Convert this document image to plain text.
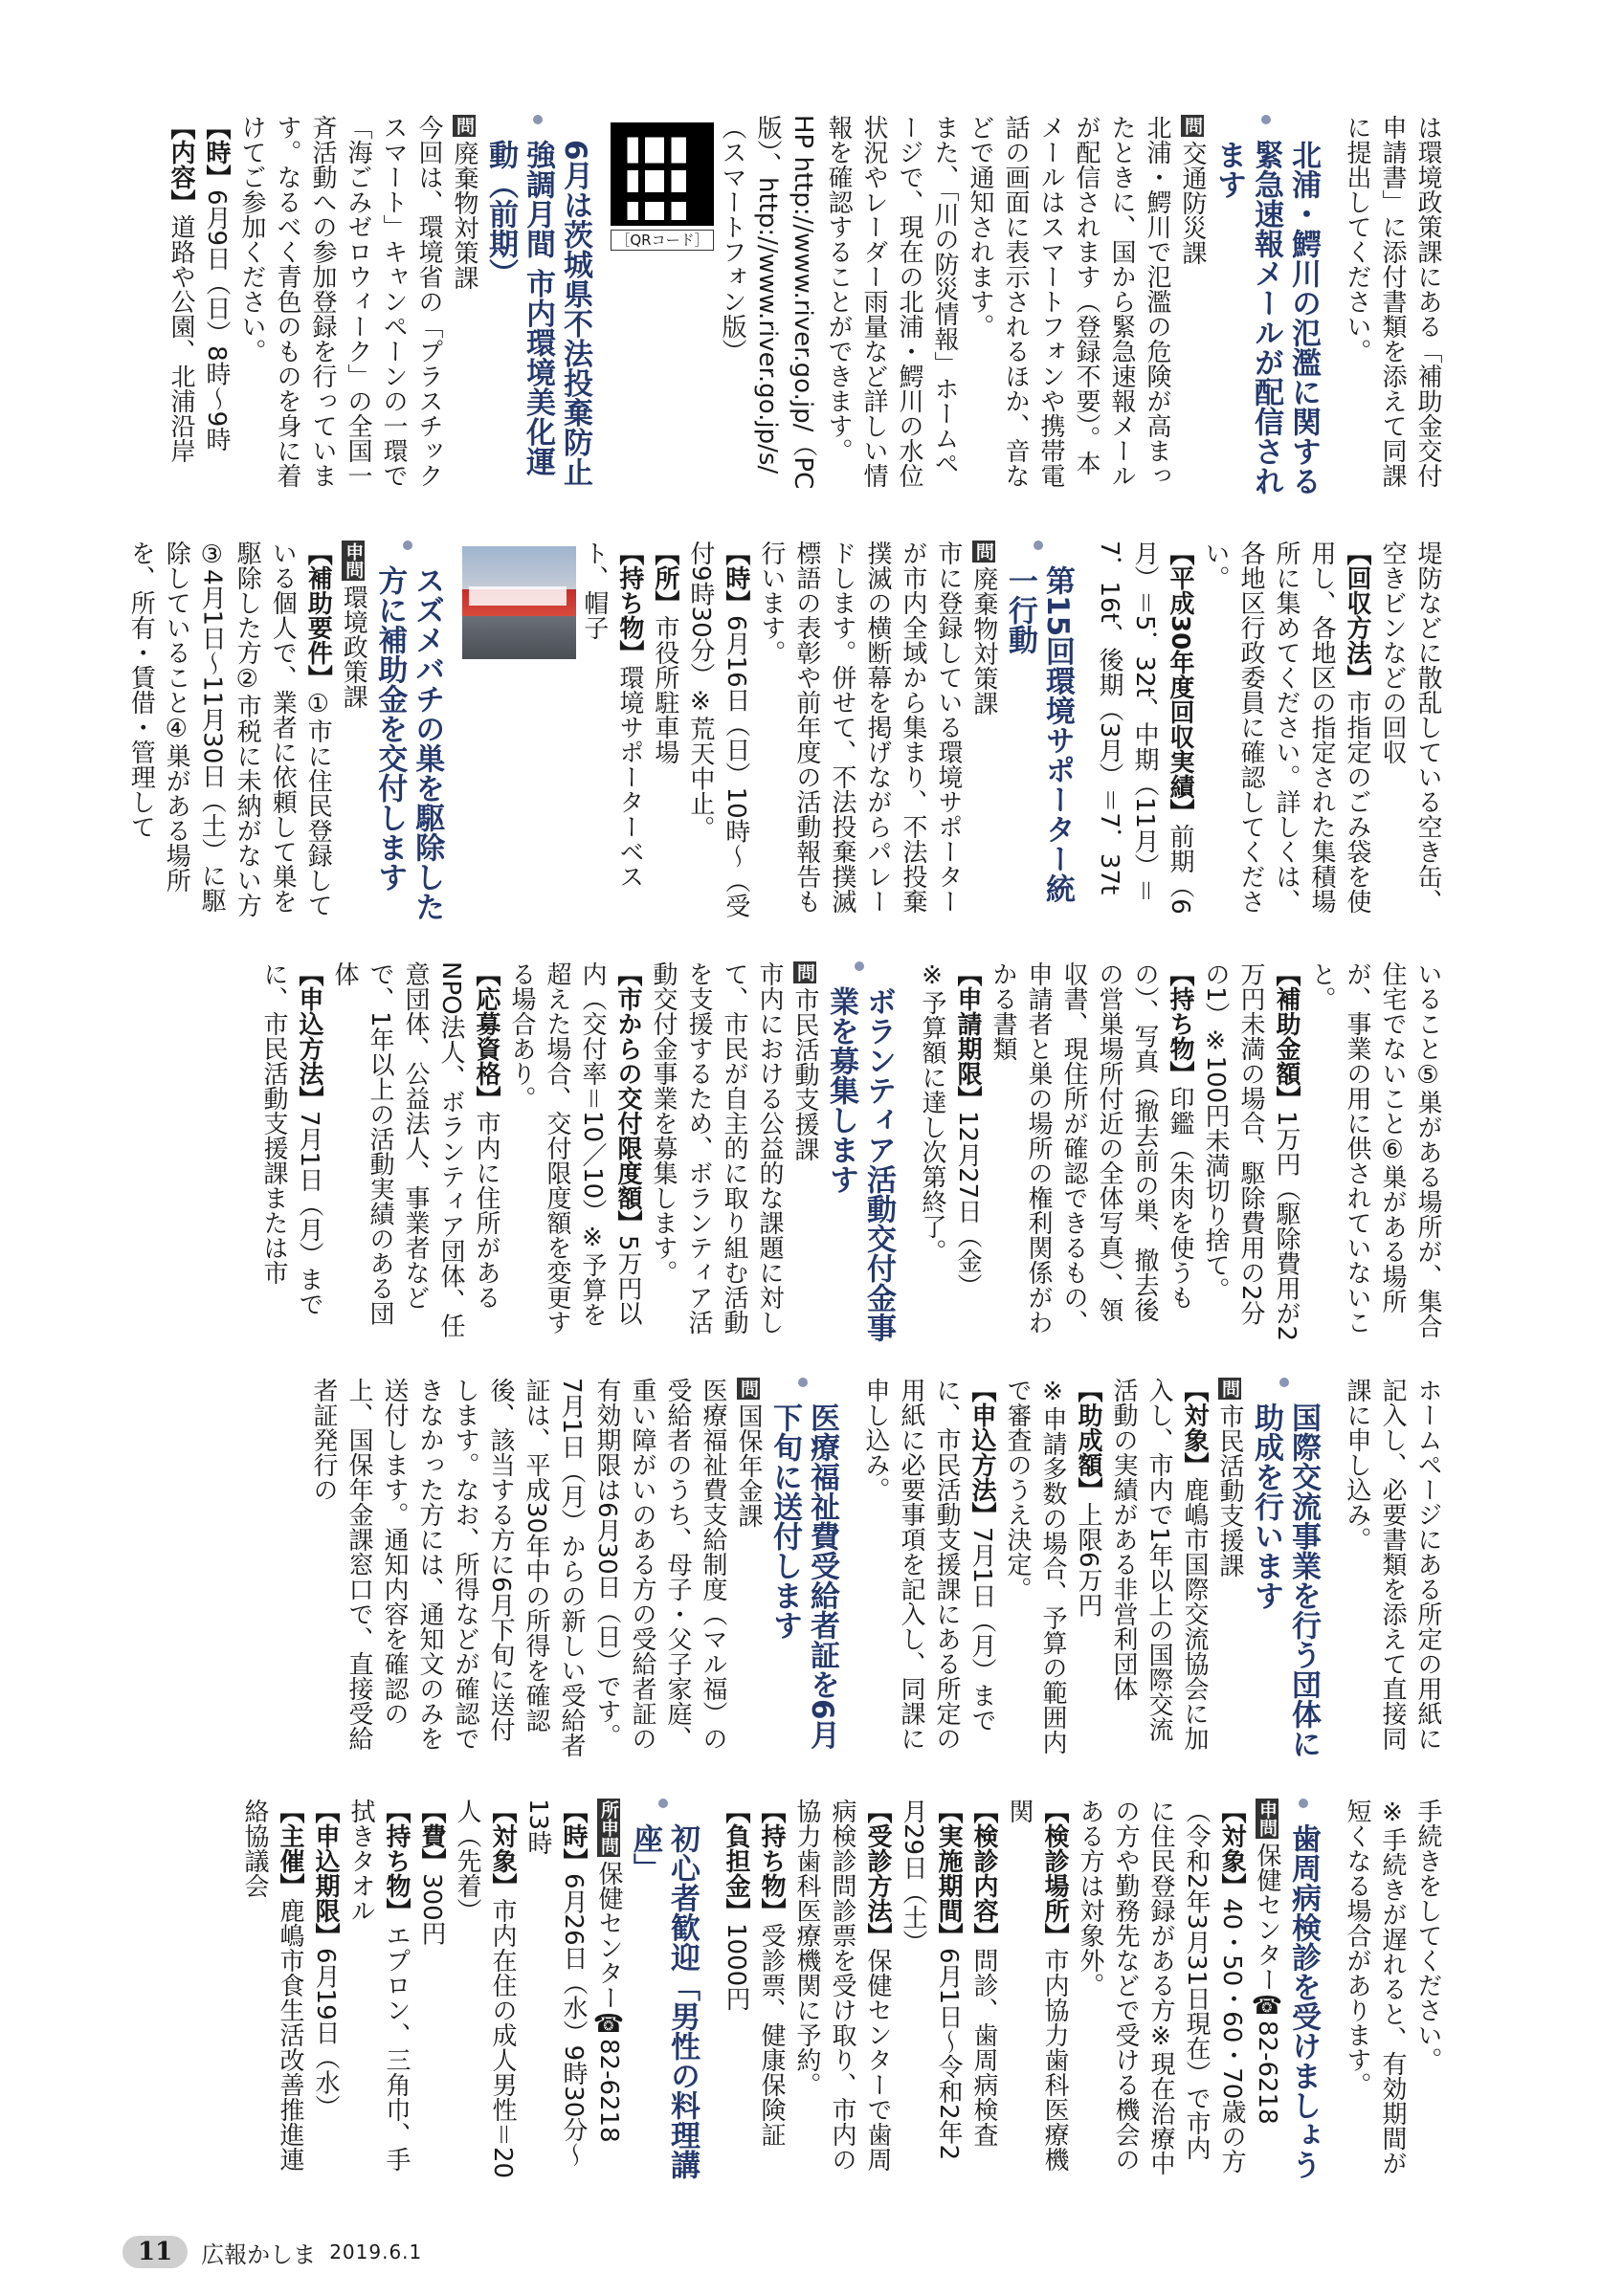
は環境政策課にある「補助金交付申請書」に添付書類を添えて同課に提出してください。

北浦・鰐川の氾濫に関する緊急速報メールが配信されます

問交通防災課

北浦・鰐川で氾濫の危険が高まったときに、国から緊急速報メールが配信されます（登録不要）。本メールはスマートフォンや携帯電話の画面に表示されるほか、音などで通知されます。

また、「川の防災情報」ホームページで、現在の北浦・鰐川の水位状況やレーダー雨量など詳しい情報を確認することができます。

HP http://www.river.go.jp/（PC版）、http://www.river.go.jp/s/（スマートフォン版）

［QRコード］
6月は茨城県不法投棄防止強調月間 市内環境美化運動（前期）

問廃棄物対策課

今回は、環境省の「プラスチックスマート」キャンペーンの一環で「海ごみゼロウィーク」の全国一斉活動への参加登録を行っています。なるべく青色のものを身に着けてご参加ください。

【 時 】6月9日（日）8時〜9時

【 内容 】道路や公園、北浦沿岸

堤防などに散乱している空き缶、空きビンなどの回収

【 回収方法 】市指定のごみ袋を使用し、各地区の指定された集積場所に集めてください。詳しくは、各地区行政委員に確認してください。

【 平成30年度回収実績 】前期（6月）＝5．32t、中期（11月）＝7．16t、後期（3月）＝7．37t

第15回環境サポーター統一行動

問廃棄物対策課

市に登録している環境サポーターが市内全域から集まり、不法投棄撲滅の横断幕を掲げながらパレードします。併せて、不法投棄撲滅標語の表彰や前年度の活動報告も行います。

【 時 】6月16日（日）10時〜（受付9時30分）※荒天中止。

【 所 】市役所駐車場

【 持ち物 】環境サポーターベスト、帽子

スズメバチの巣を駆除した方に補助金を交付します

申問環境政策課

【 補助要件 】①市に住民登録している個人で、業者に依頼して巣を駆除した方②市税に未納がない方③4月1日〜11月30日（土）に駆除していること④巣がある場所を、所有・賃借・管理して

いること⑤巣がある場所が、集合住宅でないこと⑥巣がある場所が、事業の用に供されていないこと。

【 補助金額 】1万円（駆除費用が2万円未満の場合、駆除費用の2分の1）※100円未満切り捨て。

【 持ち物 】印鑑（朱肉を使うもの）、写真（撤去前の巣、撤去後の営巣場所付近の全体写真）、領収書、現住所が確認できるもの、申請者と巣の場所の権利関係がわかる書類

【 申請期限 】12月27日（金）

※予算額に達し次第終了。

ボランティア活動交付金事業を募集します

問市民活動支援課

市内における公益的な課題に対して、市民が自主的に取り組む活動を支援するため、ボランティア活動交付金事業を募集します。

【 市からの交付限度額 】5万円以内（交付率＝10／10）※予算を超えた場合、交付限度額を変更する場合あり。

【 応募資格 】市内に住所があるNPO法人、ボランティア団体、任意団体、公益法人、事業者などで、1年以上の活動実績のある団体

【 申込方法 】7月1日（月）までに、市民活動支援課または市

ホームページにある所定の用紙に記入し、必要書類を添えて直接同課に申し込み。

国際交流事業を行う団体に助成を行います

問市民活動支援課

【 対象 】鹿嶋市国際交流協会に加入し、市内で1年以上の国際交流活動の実績がある非営利団体

【 助成額 】上限6万円

※申請多数の場合、予算の範囲内で審査のうえ決定。

【 申込方法 】7月1日（月）までに、市民活動支援課にある所定の用紙に必要事項を記入し、同課に申し込み。

医療福祉費受給者証を6月下旬に送付します

問国保年金課

医療福祉費支給制度（マル福）の受給者のうち、母子・父子家庭、重い障がいのある方の受給者証の有効期限は6月30日（日）です。7月1日（月）からの新しい受給者証は、平成30年中の所得を確認後、該当する方に6月下旬に送付します。なお、所得などが確認できなかった方には、通知文のみを送付します。通知内容を確認の上、国保年金課窓口で、直接受給者証発行の

手続きをしてください。

※手続きが遅れると、有効期間が短くなる場合があります。

歯周病検診を受けましょう

申問保健センター☎82-6218

【 対象 】40・50・60・70歳の方（令和2年3月31日現在）で市内に住民登録がある方※現在治療中の方や勤務先などで受ける機会のある方は対象外。

【 検診場所 】市内協力歯科医療機関

【 検診内容 】問診、歯周病検査

【 実施期間 】6月1日〜令和2年2月29日（土）

【 受診方法 】保健センターで歯周病検診問診票を受け取り、市内の協力歯科医療機関に予約。

【 持ち物 】受診票、健康保険証

【 負担金 】1000円

初心者歓迎「男性の料理講座」

所申問保健センター☎82-6218

【 時 】6月26日（水）9時30分〜13時

【 対象 】市内在住の成人男性＝20人（先着）

【 費 】300円

【 持ち物 】エプロン、三角巾、手拭きタオル

【 申込期限 】6月19日（水）

【 主催 】鹿嶋市食生活改善推進連絡協議会

11	広報かしま 2019.6.1
